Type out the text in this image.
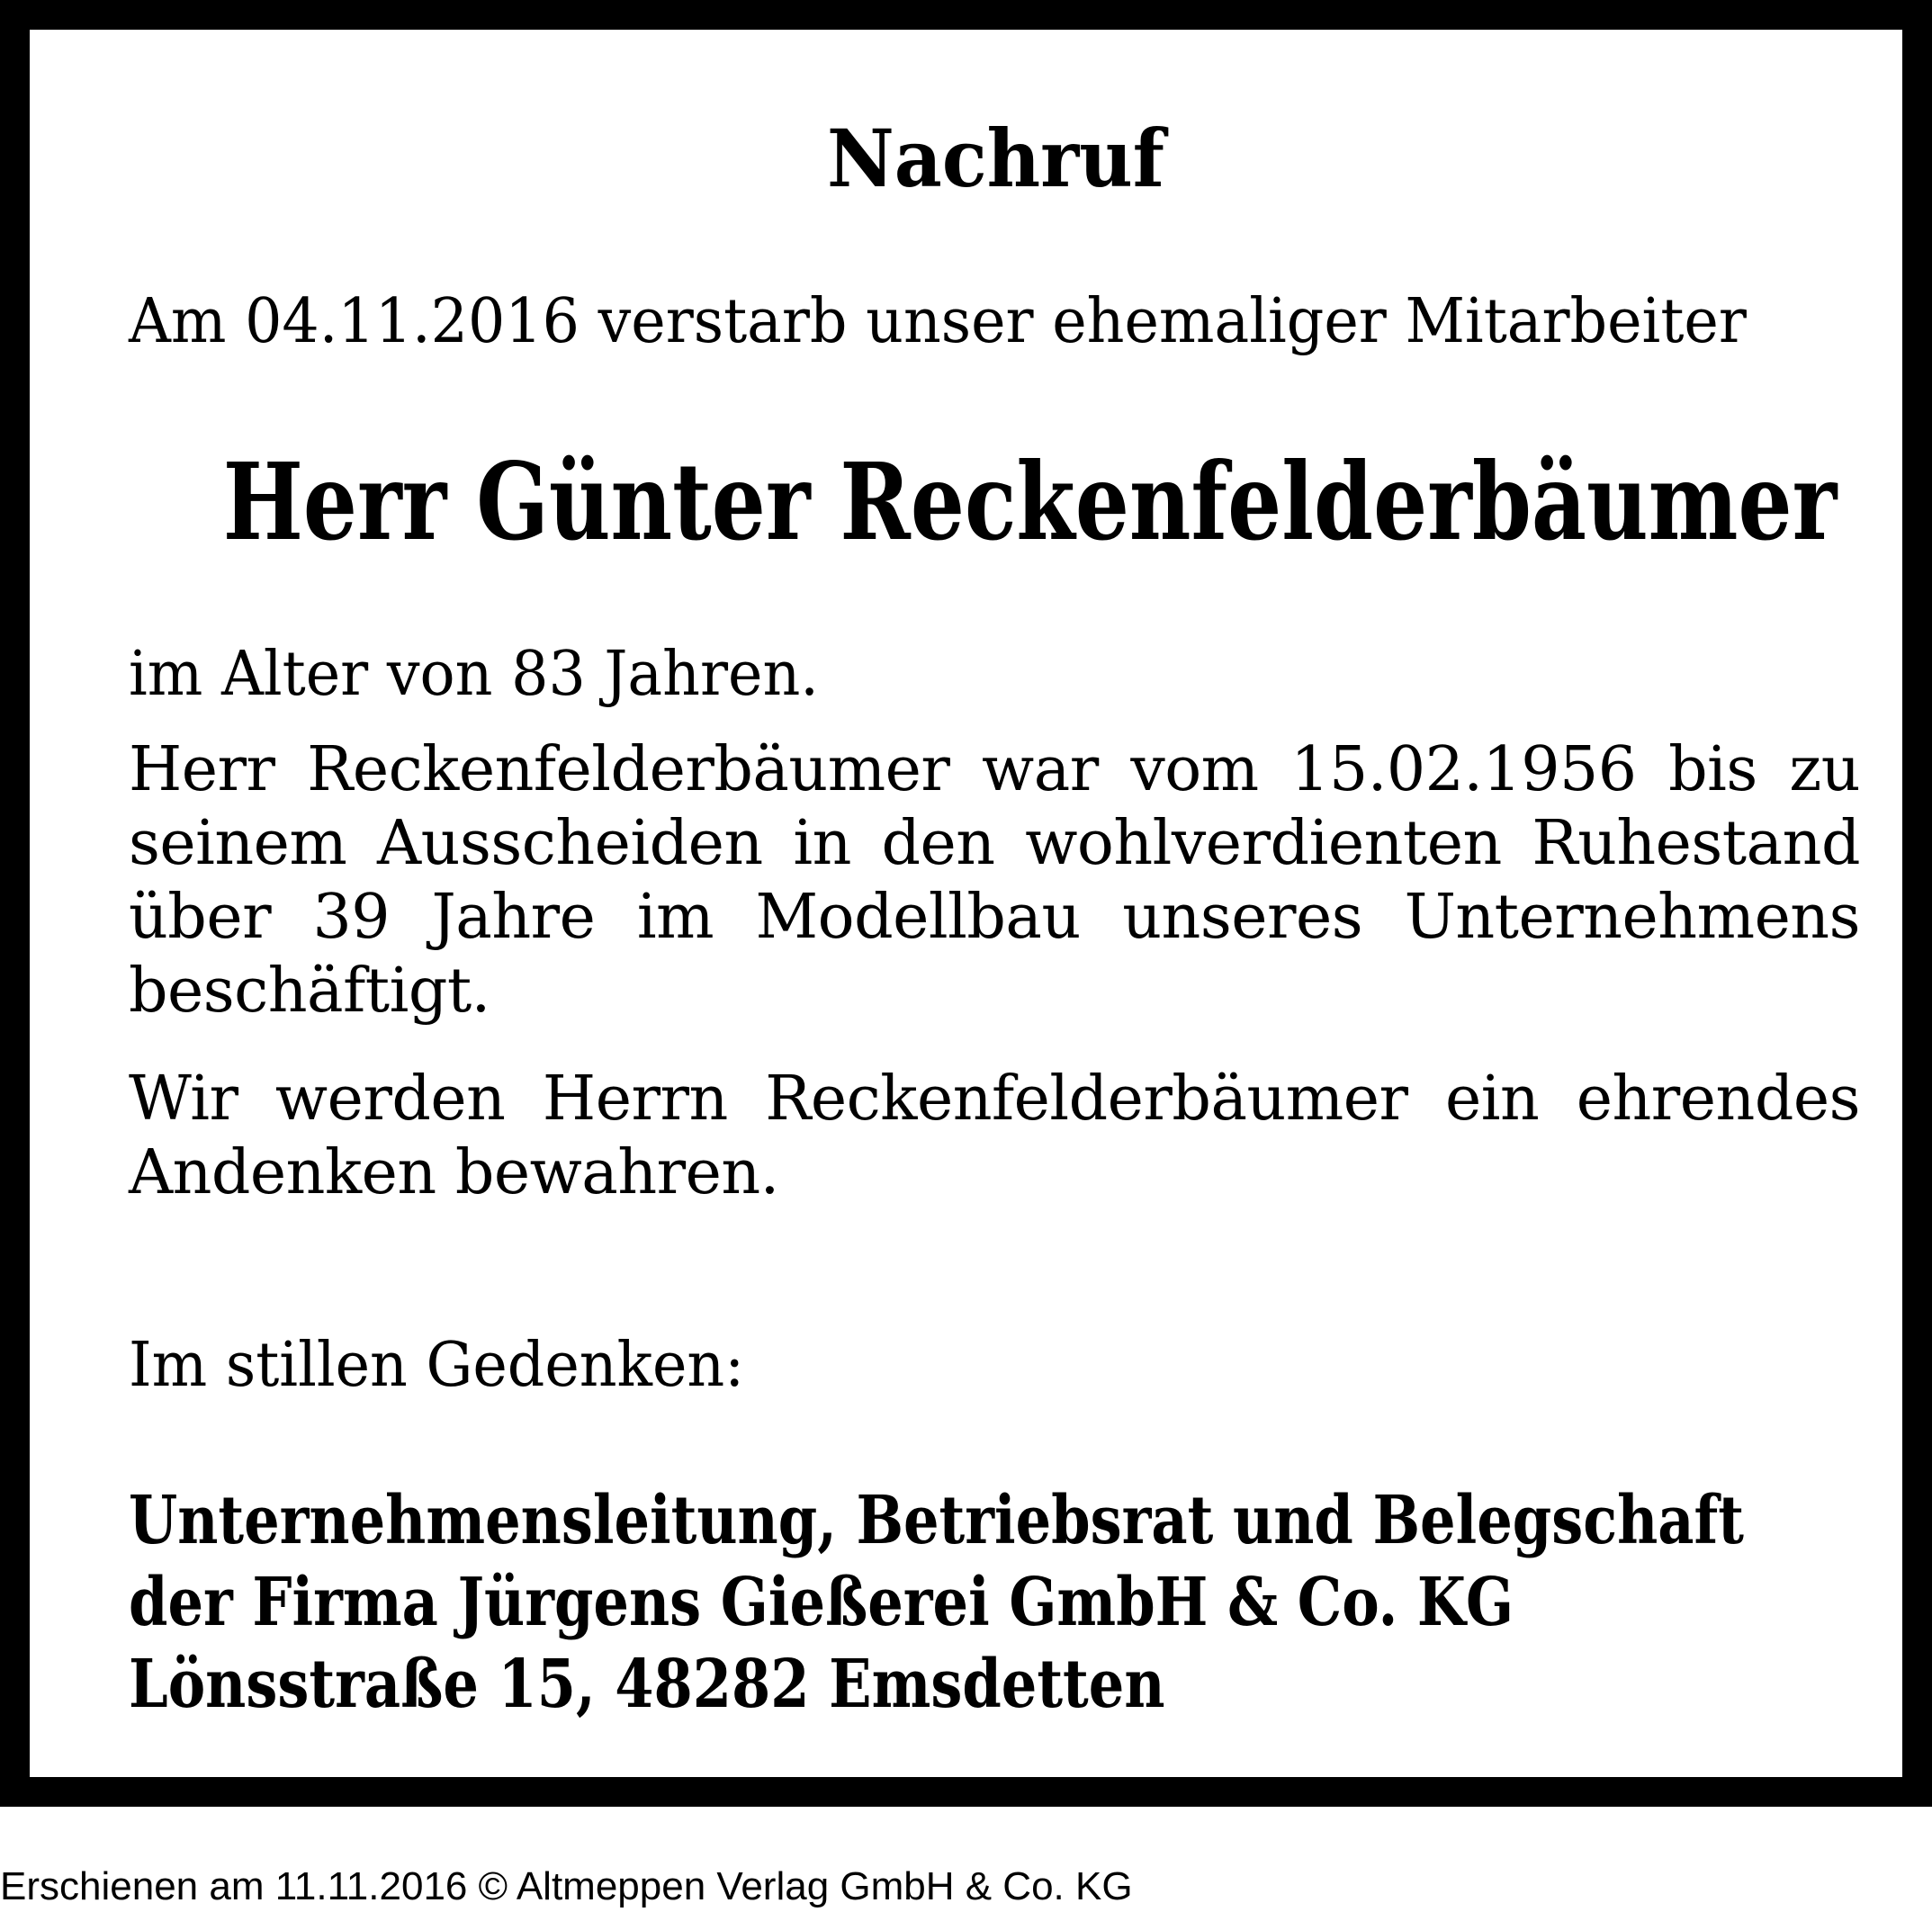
Nachruf
Am 04.11.2016 verstarb unser ehemaliger Mitarbeiter
Herr Günter Reckenfelderbäumer
im Alter von 83 Jahren.
Herr Reckenfelderbäumer war vom 15.02.1956 bis zu seinem Ausscheiden in den wohlverdienten Ruhestand über 39 Jahre im Modellbau unseres Unternehmens beschäftigt.
Wir werden Herrn Reckenfelderbäumer ein ehrendes Andenken bewahren.
Im stillen Gedenken:
Unternehmensleitung, Betriebsrat und Belegschaft
der Firma Jürgens Gießerei GmbH & Co. KG
Lönsstraße 15, 48282 Emsdetten
Erschienen am 11.11.2016 © Altmeppen Verlag GmbH & Co. KG
